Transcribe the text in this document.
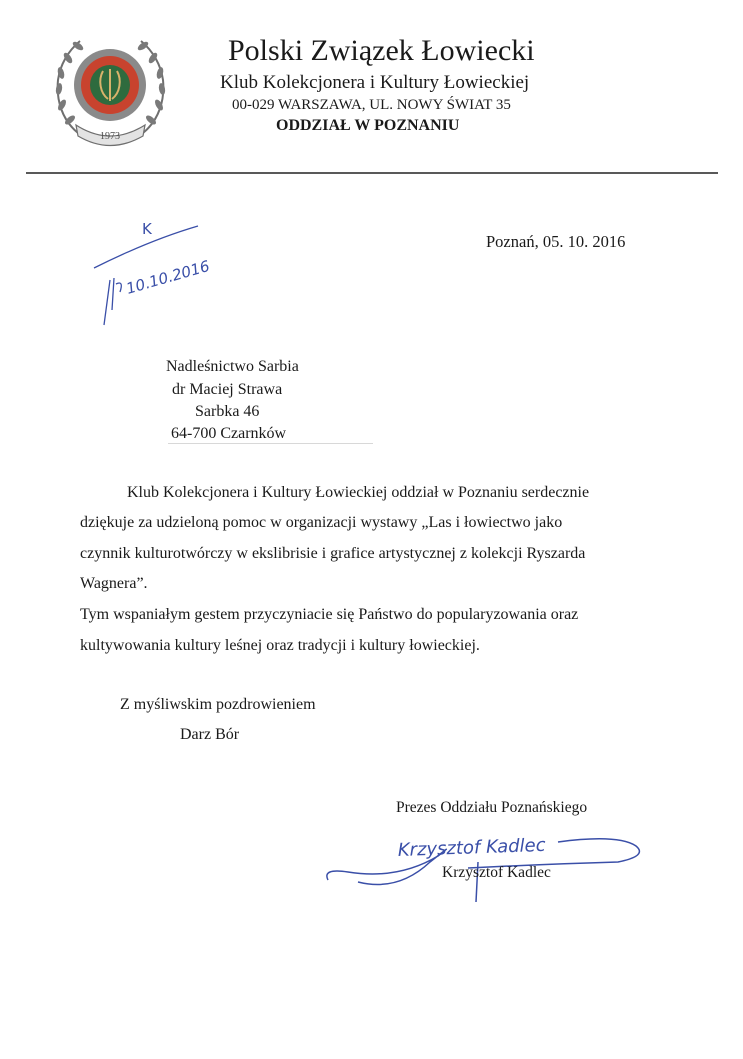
1973
Polski Związek Łowiecki
Klub Kolekcjonera i Kultury Łowieckiej
00-029 WARSZAWA, UL. NOWY ŚWIAT 35
ODDZIAŁ W POZNANIU
K
10.10.2016
Poznań, 05. 10. 2016
Nadleśnictwo Sarbia
dr Maciej Strawa
Sarbka 46
64-700 Czarnków
Klub Kolekcjonera i Kultury Łowieckiej oddział w Poznaniu serdecznie
dziękuje za udzieloną pomoc w organizacji wystawy „Las i łowiectwo jako
czynnik kulturotwórczy w ekslibrisie i grafice artystycznej z kolekcji Ryszarda
Wagnera”.
Tym wspaniałym gestem przyczyniacie się Państwo do popularyzowania oraz
kultywowania kultury leśnej oraz tradycji i kultury łowieckiej.
Z myśliwskim pozdrowieniem
Darz Bór
Prezes Oddziału Poznańskiego
Krzysztof Kadlec
Krzysztof Kadlec
